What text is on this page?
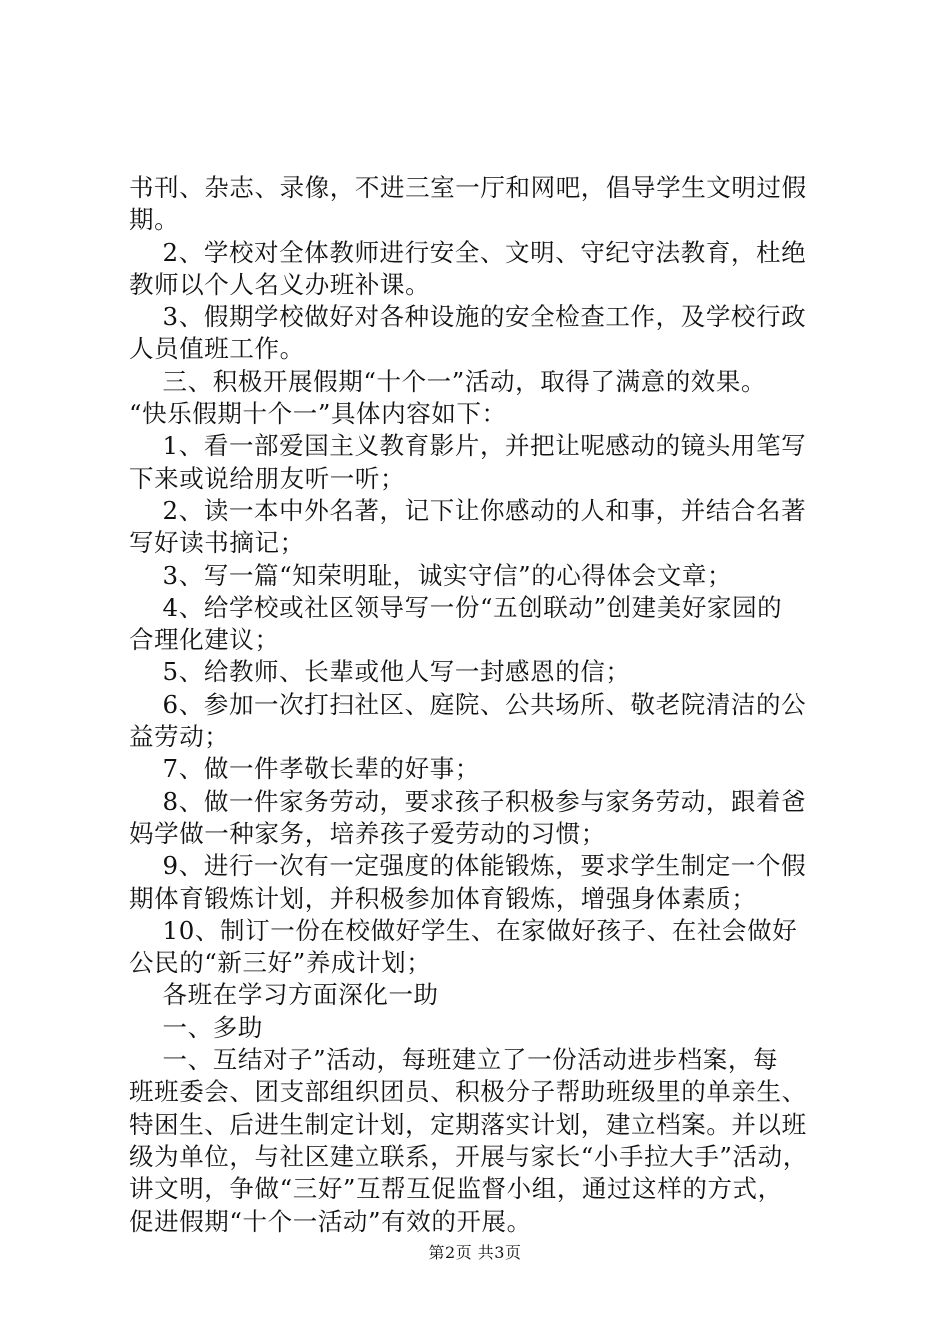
书刊、杂志、录像，不进三室一厅和网吧，倡导学生文明过假
期。
2、学校对全体教师进行安全、文明、守纪守法教育，杜绝
教师以个人名义办班补课。
3、假期学校做好对各种设施的安全检查工作，及学校行政
人员值班工作。
三、积极开展假期“十个一”活动，取得了满意的效果。
“快乐假期十个一”具体内容如下：
1、看一部爱国主义教育影片，并把让呢感动的镜头用笔写
下来或说给朋友听一听；
2、读一本中外名著，记下让你感动的人和事，并结合名著
写好读书摘记；
3、写一篇“知荣明耻，诚实守信”的心得体会文章；
4、给学校或社区领导写一份“五创联动”创建美好家园的
合理化建议；
5、给教师、长辈或他人写一封感恩的信；
6、参加一次打扫社区、庭院、公共场所、敬老院清洁的公
益劳动；
7、做一件孝敬长辈的好事；
8、做一件家务劳动，要求孩子积极参与家务劳动，跟着爸
妈学做一种家务，培养孩子爱劳动的习惯；
9、进行一次有一定强度的体能锻炼，要求学生制定一个假
期体育锻炼计划，并积极参加体育锻炼，增强身体素质；
10、制订一份在校做好学生、在家做好孩子、在社会做好
公民的“新三好”养成计划；
各班在学习方面深化一助
一、多助
一、互结对子”活动，每班建立了一份活动进步档案，每
班班委会、团支部组织团员、积极分子帮助班级里的单亲生、
特困生、后进生制定计划，定期落实计划，建立档案。并以班
级为单位，与社区建立联系，开展与家长“小手拉大手”活动，
讲文明，争做“三好”互帮互促监督小组，通过这样的方式，
促进假期“十个一活动”有效的开展。
第2页 共3页
